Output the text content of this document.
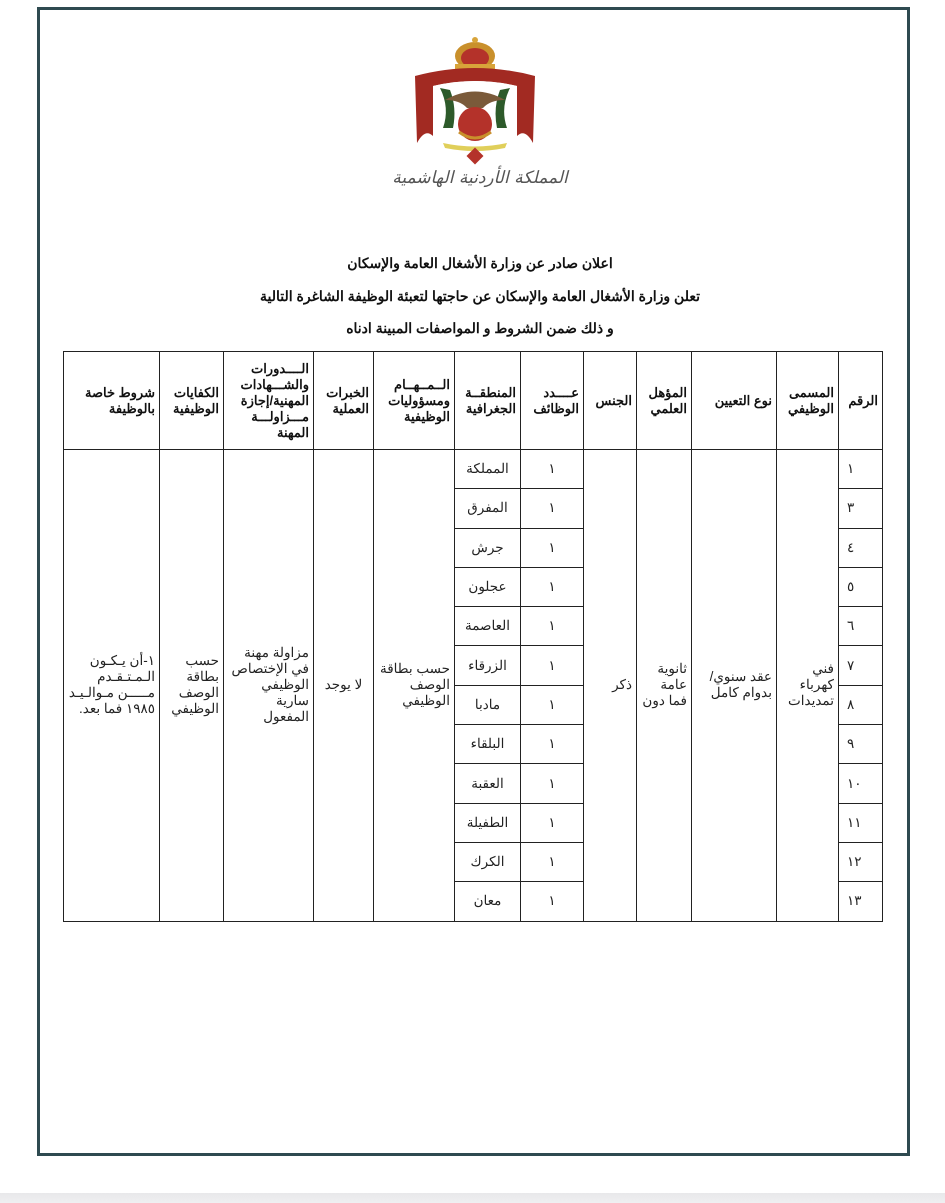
المملكة الأردنية الهاشمية
اعلان صادر عن وزارة الأشغال العامة والإسكان
تعلن وزارة الأشغال العامة والإسكان عن حاجتها لتعبئة الوظيفة الشاغرة التالية
و ذلك ضمن الشروط و المواصفات المبينة ادناه
الرقم	المسمى الوظيفي	نوع التعيين	المؤهل العلمي	الجنس	عــــدد الوظائف	المنطقــة الجغرافية	الــمــهــام ومسؤوليات الوظيفية	الخبرات العملية	الــــدورات والشـــهادات المهنية/إجازة مـــزاولـــة المهنة	الكفايات الوظيفية	شروط خاصة بالوظيفة
١	فني كهرباء تمديدات	عقد سنوي/بدوام كامل	ثانوية عامة فما دون	ذكر	١	المملكة	حسب بطاقة الوصف الوظيفي	لا يوجد	مزاولة مهنة في الإختصاص الوظيفي سارية المفعول	حسب بطاقة الوصف الوظيفي	١-أن يـكـون الـمـتـقـدم مـــــن مـوالـيـد ١٩٨٥ فما بعد.
٣					١	المفرق					
٤					١	جرش					
٥					١	عجلون					
٦					١	العاصمة					
٧					١	الزرقاء					
٨					١	مادبا					
٩					١	البلقاء					
١٠					١	العقبة					
١١					١	الطفيلة					
١٢					١	الكرك					
١٣					١	معان					
